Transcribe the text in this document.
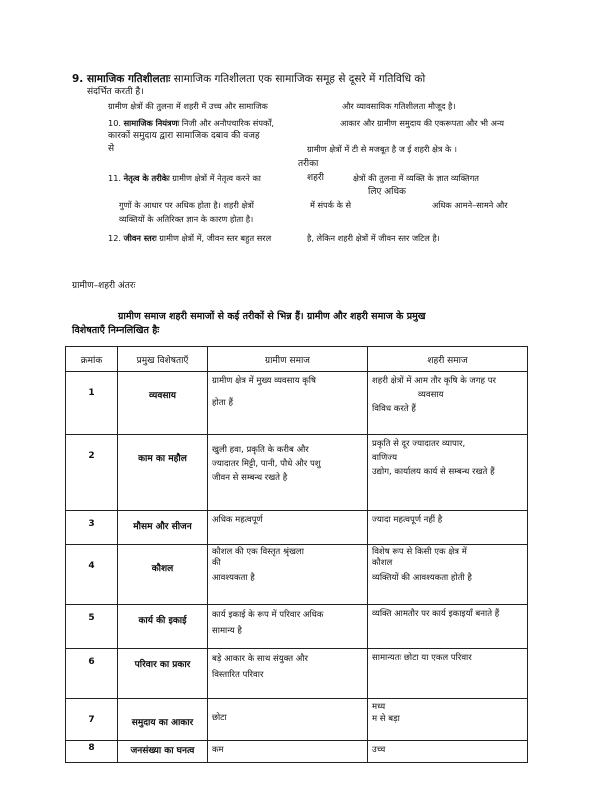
9. सामाजिक गतिशीलताः सामाजिक गतिशीलता एक सामाजिक समूह से दूसरे में गतिविधि को
संदर्भित करती है।
ग्रामीण क्षेत्रों की तुलना में शहरी में उच्च और सामाजिक	और व्यावसायिक गतिशीलता मौजूद है।
10. सामाजिक नियंत्रणः निजी और अनौपचारिक संपर्कों,	आकार और ग्रामीण समुदाय की एकरूपता और भी अन्य
कारकों समुदाय द्वारा सामाजिक दबाव की वजह
से	ग्रामीण क्षेत्रों में टी से मजबूत है ज ई शहरी क्षेत्र के ।
तरीका
11. नेतृत्व के तरीकेः ग्रामीण क्षेत्रों में नेतृत्व करने का	शहरी	क्षेत्रों की तुलना में व्यक्ति के ज्ञात व्यक्तिगत
लिए अधिक
गुणों के आधार पर अधिक होता है। शहरी क्षेत्रों	में संपर्क के से	अधिक आमने–सामने और
व्यक्तियों के अतिरिक्त ज्ञान के कारण होता है।
12. जीवन स्तरः ग्रामीण क्षेत्रों में, जीवन स्तर बहुत सरल	है, लेकिन शहरी क्षेत्रों में जीवन स्तर जटिल है।
ग्रामीण–शहरी अंतरः
ग्रामीण समाज शहरी समाजों से कई तरीकों से भिन्न हैं। ग्रामीण और शहरी समाज के प्रमुख
विशेषताएँ निम्नलिखित हैः
क्रमांक	प्रमुख विशेषताएँ	ग्रामीण समाज	शहरी समाज
1	व्यवसाय	ग्रामीण क्षेत्र में मुख्य व्यवसाय कृषि
होता हैं	शहरी क्षेत्रों में आम तौर कृषि के जगह पर
व्यवसाय
विविध करते हैं
2	काम का महौल	खुली हवा, प्रकृति के करीब और
ज्यादातर मिट्टी, पानी, पौधे और पशु
जीवन से सम्बन्ध रखते है	प्रकृति से दूर ज्यादातर व्यापार,
वाणिज्य
उद्योग, कार्यालय कार्य से सम्बन्ध रखते हैं
3	मौसम और सीजन	अधिक महत्वपूर्ण	ज्यादा महत्वपूर्ण नहीं है
4	कौशल	कौशल की एक विस्तृत श्रृंखला
की
आवश्यकता है	विशेष रूप से किसी एक क्षेत्र में
कौशल
व्यक्तियों की आवश्यकता होती है
5	कार्य की इकाई	कार्य इकाई के रूप में परिवार अधिक
सामान्य है	व्यक्ति आमतौर पर कार्य इकाइयाँ बनाते हैं
6	परिवार का प्रकार	बड़े आकार के साथ संयुक्त और
विस्तारित परिवार	सामान्यतः छोटा या एकल परिवार
7	समुदाय का आकार	छोटा	मध्य
म से बड़ा
8	जनसंख्या का घनत्व	कम	उच्च
